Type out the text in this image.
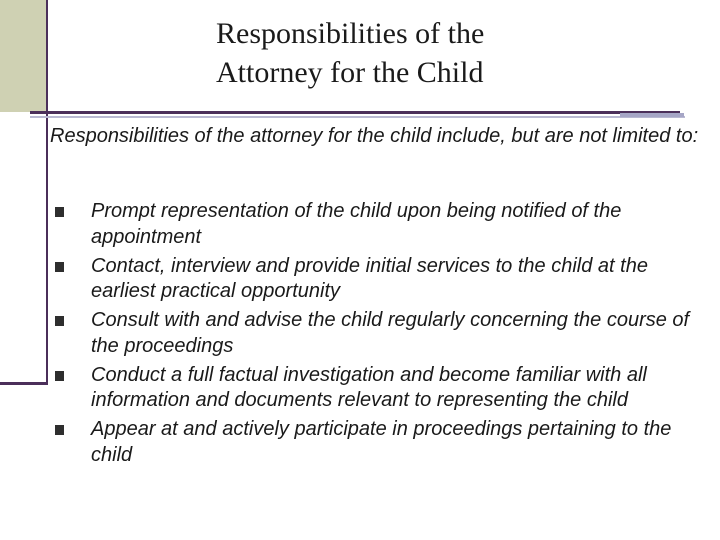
Responsibilities of the
Attorney for the Child

Responsibilities of the attorney for the child include, but are not limited to:

Prompt representation of the child upon being notified of the appointment
Contact, interview and provide initial services to the child at the earliest practical opportunity
Consult with and advise the child regularly concerning the course of the proceedings
Conduct a full factual investigation and become familiar with all information and documents relevant to representing the child
Appear at and actively participate in proceedings pertaining to the child
